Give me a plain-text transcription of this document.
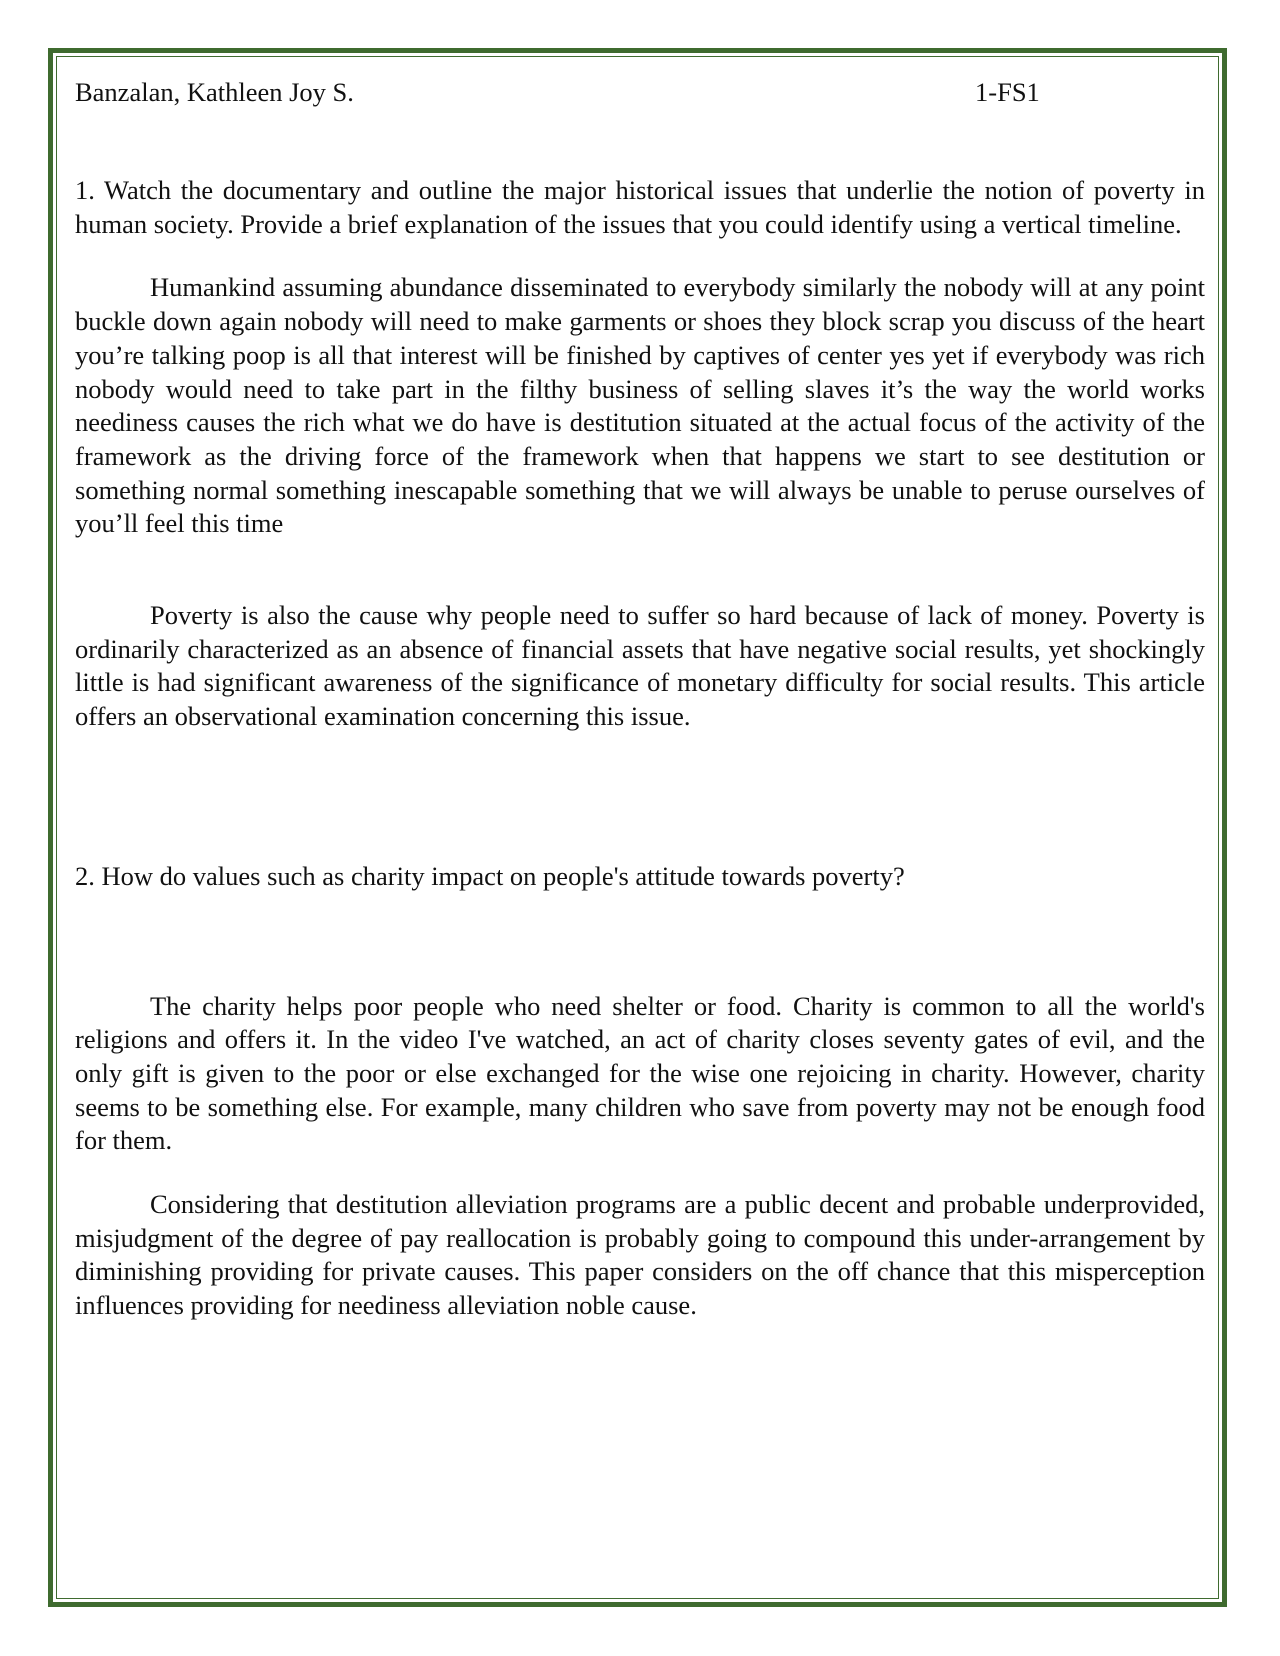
Banzalan, Kathleen Joy S.	1-FS1

1. Watch the documentary and outline the major historical issues that underlie the notion of poverty in human society. Provide a brief explanation of the issues that you could identify using a vertical timeline.

Humankind assuming abundance disseminated to everybody similarly the nobody will at any point buckle down again nobody will need to make garments or shoes they block scrap you discuss of the heart you’re talking poop is all that interest will be finished by captives of center yes yet if everybody was rich nobody would need to take part in the filthy business of selling slaves it’s the way the world works neediness causes the rich what we do have is destitution situated at the actual focus of the activity of the framework as the driving force of the framework when that happens we start to see destitution or something normal something inescapable something that we will always be unable to peruse ourselves of you’ll feel this time

Poverty is also the cause why people need to suffer so hard because of lack of money. Poverty is ordinarily characterized as an absence of financial assets that have negative social results, yet shockingly little is had significant awareness of the significance of monetary difficulty for social results. This article offers an observational examination concerning this issue.

2. How do values such as charity impact on people's attitude towards poverty?

The charity helps poor people who need shelter or food. Charity is common to all the world's religions and offers it. In the video I've watched, an act of charity closes seventy gates of evil, and the only gift is given to the poor or else exchanged for the wise one rejoicing in charity. However, charity seems to be something else. For example, many children who save from poverty may not be enough food for them.

Considering that destitution alleviation programs are a public decent and probable underprovided, misjudgment of the degree of pay reallocation is probably going to compound this under-arrangement by diminishing providing for private causes. This paper considers on the off chance that this misperception influences providing for neediness alleviation noble cause.
